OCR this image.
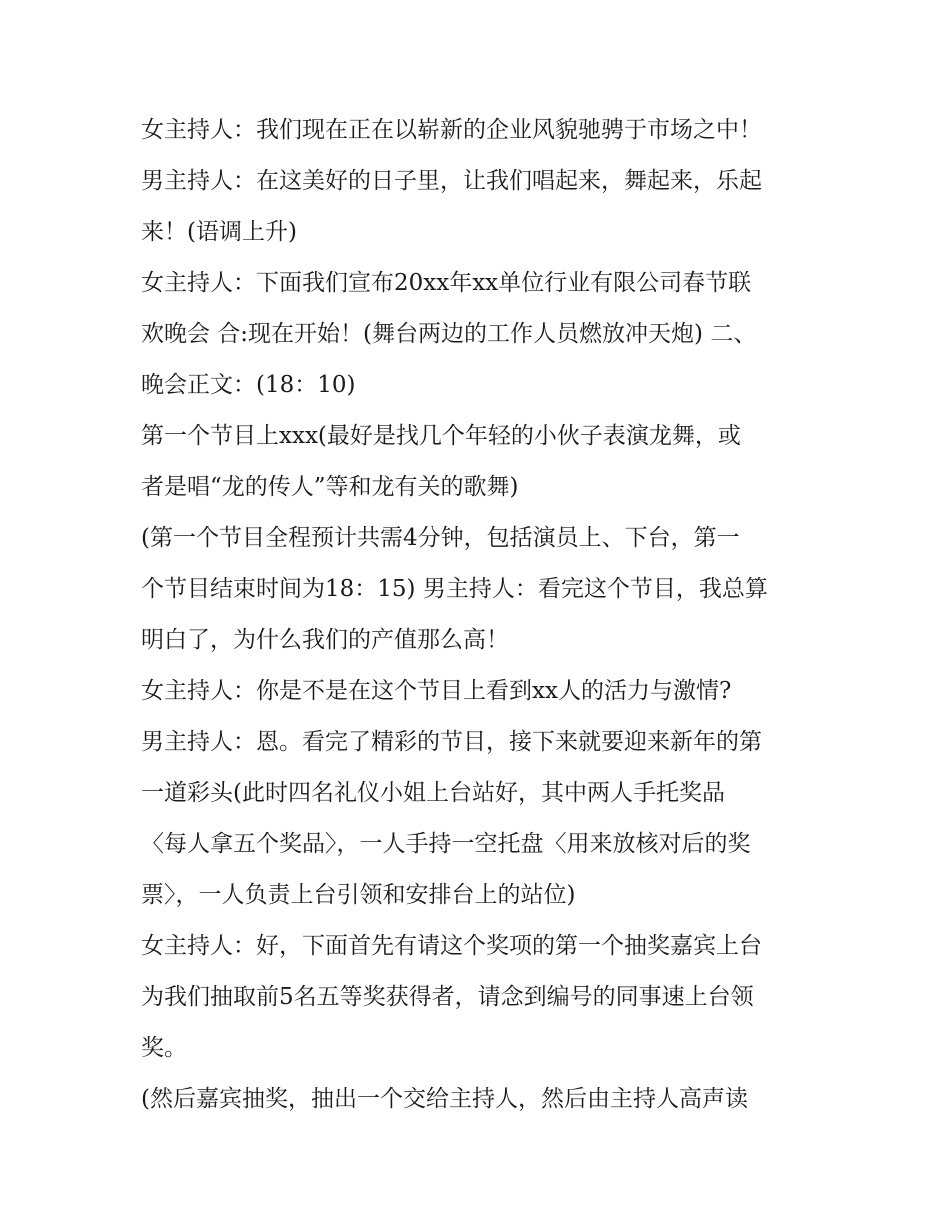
女主持人：我们现在正在以崭新的企业风貌驰骋于市场之中！

男主持人：在这美好的日子里，让我们唱起来，舞起来，乐起

来！(语调上升)

女主持人：下面我们宣布20xx年xx单位行业有限公司春节联

欢晚会 合:现在开始！(舞台两边的工作人员燃放冲天炮) 二、

晚会正文：(18：10)

第一个节目上xxx(最好是找几个年轻的小伙子表演龙舞，或

者是唱“龙的传人”等和龙有关的歌舞)

(第一个节目全程预计共需4分钟，包括演员上、下台，第一

个节目结束时间为18：15) 男主持人：看完这个节目，我总算

明白了，为什么我们的产值那么高！

女主持人：你是不是在这个节目上看到xx人的活力与激情?

男主持人：恩。看完了精彩的节目，接下来就要迎来新年的第

一道彩头(此时四名礼仪小姐上台站好，其中两人手托奖品

〈每人拿五个奖品〉，一人手持一空托盘〈用来放核对后的奖

票〉，一人负责上台引领和安排台上的站位)

女主持人：好，下面首先有请这个奖项的第一个抽奖嘉宾上台

为我们抽取前5名五等奖获得者，请念到编号的同事速上台领

奖。

(然后嘉宾抽奖，抽出一个交给主持人，然后由主持人高声读
